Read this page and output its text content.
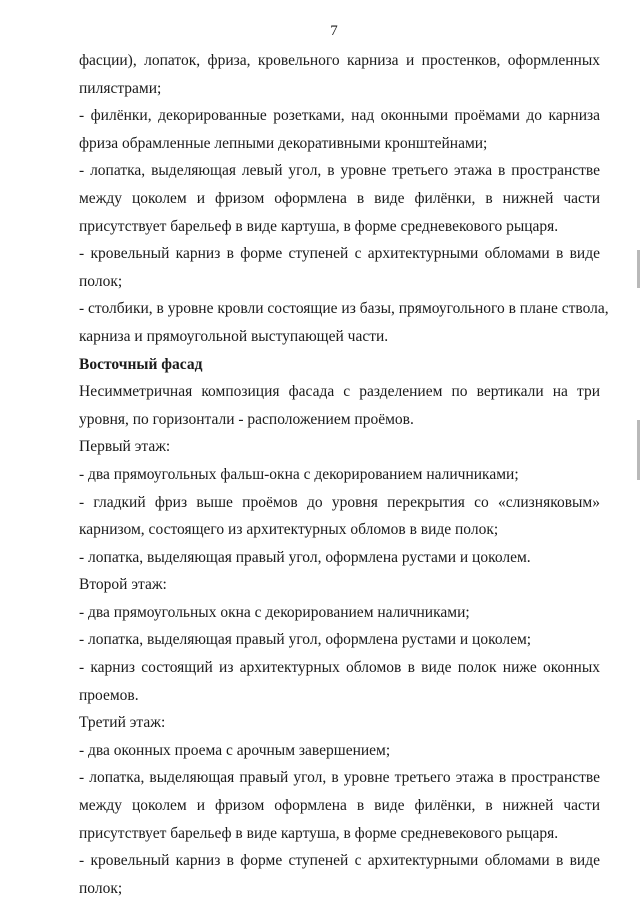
7
фасции), лопаток, фриза, кровельного карниза и простенков, оформленных
пилястрами;
- филёнки, декорированные розетками, над оконными проёмами до карниза
фриза обрамленные лепными декоративными кронштейнами;
- лопатка, выделяющая левый угол, в уровне третьего этажа в пространстве
между цоколем и фризом оформлена в виде филёнки, в нижней части
присутствует барельеф в виде картуша, в форме средневекового рыцаря.
- кровельный карниз в форме ступеней с архитектурными обломами в виде
полок;
- столбики, в уровне кровли состоящие из базы, прямоугольного в плане ствола,
карниза и прямоугольной выступающей части.
Восточный фасад
Несимметричная композиция фасада с разделением по вертикали на три
уровня, по горизонтали - расположением проёмов.
Первый этаж:
- два прямоугольных фальш-окна с декорированием наличниками;
- гладкий фриз выше проёмов до уровня перекрытия со «слизняковым»
карнизом, состоящего из архитектурных обломов в виде полок;
- лопатка, выделяющая правый угол, оформлена рустами и цоколем.
Второй этаж:
- два прямоугольных окна с декорированием наличниками;
- лопатка, выделяющая правый угол, оформлена рустами и цоколем;
- карниз состоящий из архитектурных обломов в виде полок ниже оконных
проемов.
Третий этаж:
- два оконных проема с арочным завершением;
- лопатка, выделяющая правый угол, в уровне третьего этажа в пространстве
между цоколем и фризом оформлена в виде филёнки, в нижней части
присутствует барельеф в виде картуша, в форме средневекового рыцаря.
- кровельный карниз в форме ступеней с архитектурными обломами в виде
полок;
